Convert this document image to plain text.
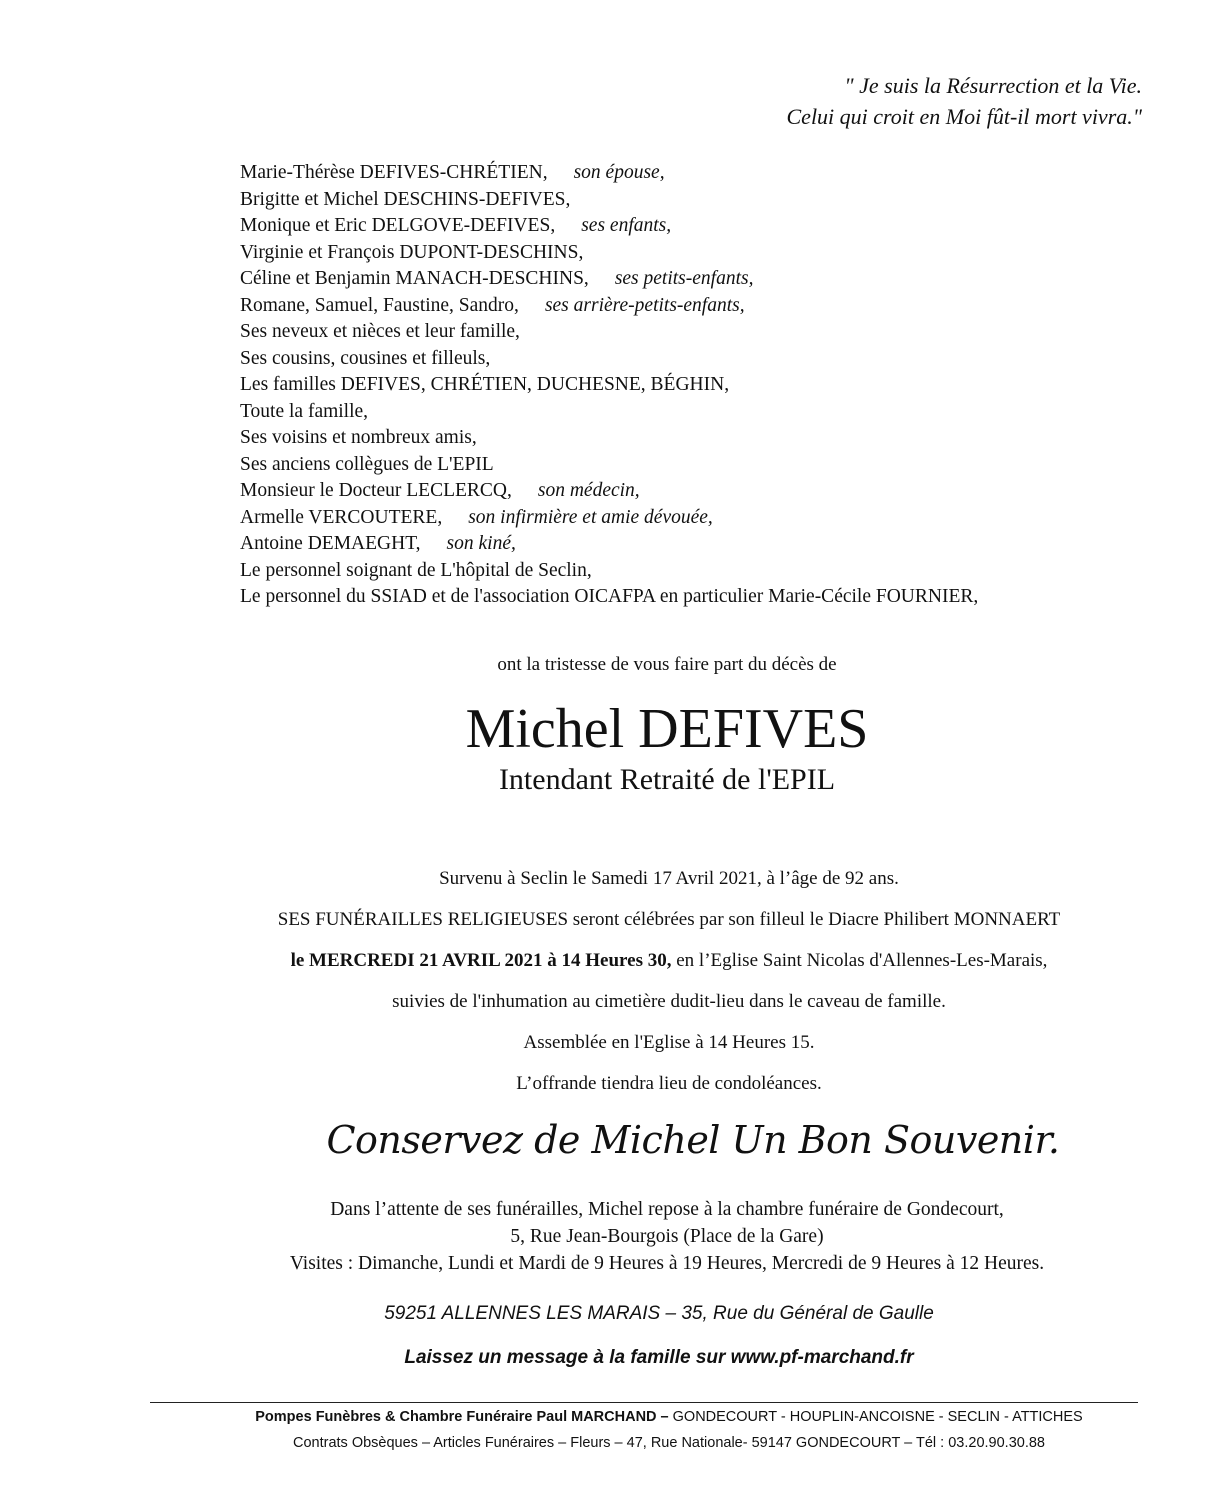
" Je suis la Résurrection et la Vie.
Celui qui croit en Moi fût-il mort vivra."
Marie-Thérèse DEFIVES-CHRÉTIEN, son épouse,
Brigitte et Michel DESCHINS-DEFIVES,
Monique et Eric DELGOVE-DEFIVES, ses enfants,
Virginie et François DUPONT-DESCHINS,
Céline et Benjamin MANACH-DESCHINS, ses petits-enfants,
Romane, Samuel, Faustine, Sandro, ses arrière-petits-enfants,
Ses neveux et nièces et leur famille,
Ses cousins, cousines et filleuls,
Les familles DEFIVES, CHRÉTIEN, DUCHESNE, BÉGHIN,
Toute la famille,
Ses voisins et nombreux amis,
Ses anciens collègues de L'EPIL
Monsieur le Docteur LECLERCQ, son médecin,
Armelle VERCOUTERE, son infirmière et amie dévouée,
Antoine DEMAEGHT, son kiné,
Le personnel soignant de L'hôpital de Seclin,
Le personnel du SSIAD et de l'association OICAFPA en particulier Marie-Cécile FOURNIER,
ont la tristesse de vous faire part du décès de
Michel DEFIVES
Intendant Retraité de l'EPIL
Survenu à Seclin le Samedi 17 Avril 2021, à l’âge de 92 ans.
SES FUNÉRAILLES RELIGIEUSES seront célébrées par son filleul le Diacre Philibert MONNAERT
le MERCREDI 21 AVRIL 2021 à 14 Heures 30, en l’Eglise Saint Nicolas d'Allennes-Les-Marais,
suivies de l'inhumation au cimetière dudit-lieu dans le caveau de famille.
Assemblée en l'Eglise à 14 Heures 15.
L’offrande tiendra lieu de condoléances.
Conservez de Michel Un Bon Souvenir.
Dans l’attente de ses funérailles, Michel repose à la chambre funéraire de Gondecourt,
5, Rue Jean-Bourgois (Place de la Gare)
Visites : Dimanche, Lundi et Mardi de 9 Heures à 19 Heures, Mercredi de 9 Heures à 12 Heures.
59251 ALLENNES LES MARAIS – 35, Rue du Général de Gaulle
Laissez un message à la famille sur www.pf-marchand.fr
Pompes Funèbres & Chambre Funéraire Paul MARCHAND – GONDECOURT - HOUPLIN-ANCOISNE - SECLIN - ATTICHES
Contrats Obsèques – Articles Funéraires – Fleurs – 47, Rue Nationale- 59147 GONDECOURT – Tél : 03.20.90.30.88
